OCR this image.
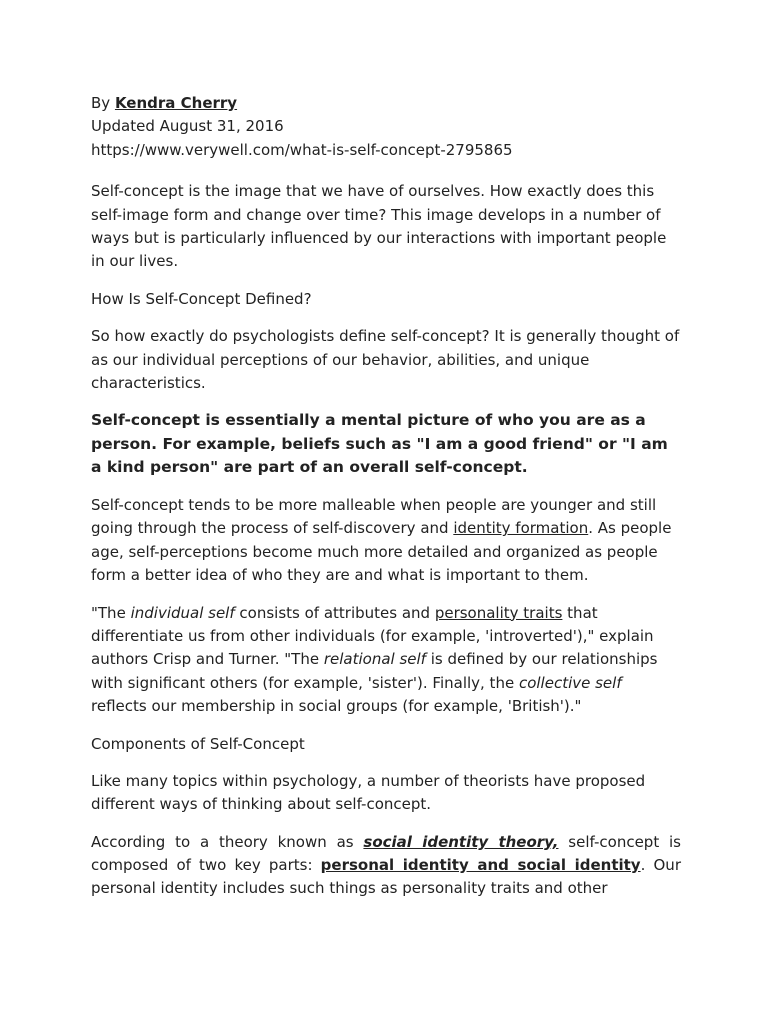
By Kendra Cherry

Updated August 31, 2016

https://www.verywell.com/what-is-self-concept-2795865

Self-concept is the image that we have of ourselves. How exactly does this self-image form and change over time? This image develops in a number of ways but is particularly influenced by our interactions with important people in our lives.

How Is Self-Concept Defined?

So how exactly do psychologists define self-concept? It is generally thought of as our individual perceptions of our behavior, abilities, and unique characteristics.

Self-concept is essentially a mental picture of who you are as a person. For example, beliefs such as "I am a good friend" or "I am a kind person" are part of an overall self-concept.

Self-concept tends to be more malleable when people are younger and still going through the process of self-discovery and identity formation. As people age, self-perceptions become much more detailed and organized as people form a better idea of who they are and what is important to them.

"The individual self consists of attributes and personality traits that differentiate us from other individuals (for example, 'introverted')," explain authors Crisp and Turner. "The relational self is defined by our relationships with significant others (for example, 'sister'). Finally, the collective self reflects our membership in social groups (for example, 'British')."

Components of Self-Concept

Like many topics within psychology, a number of theorists have proposed different ways of thinking about self-concept.

According to a theory known as social identity theory, self-concept is composed of two key parts: personal identity and social identity. Our personal identity includes such things as personality traits and other
